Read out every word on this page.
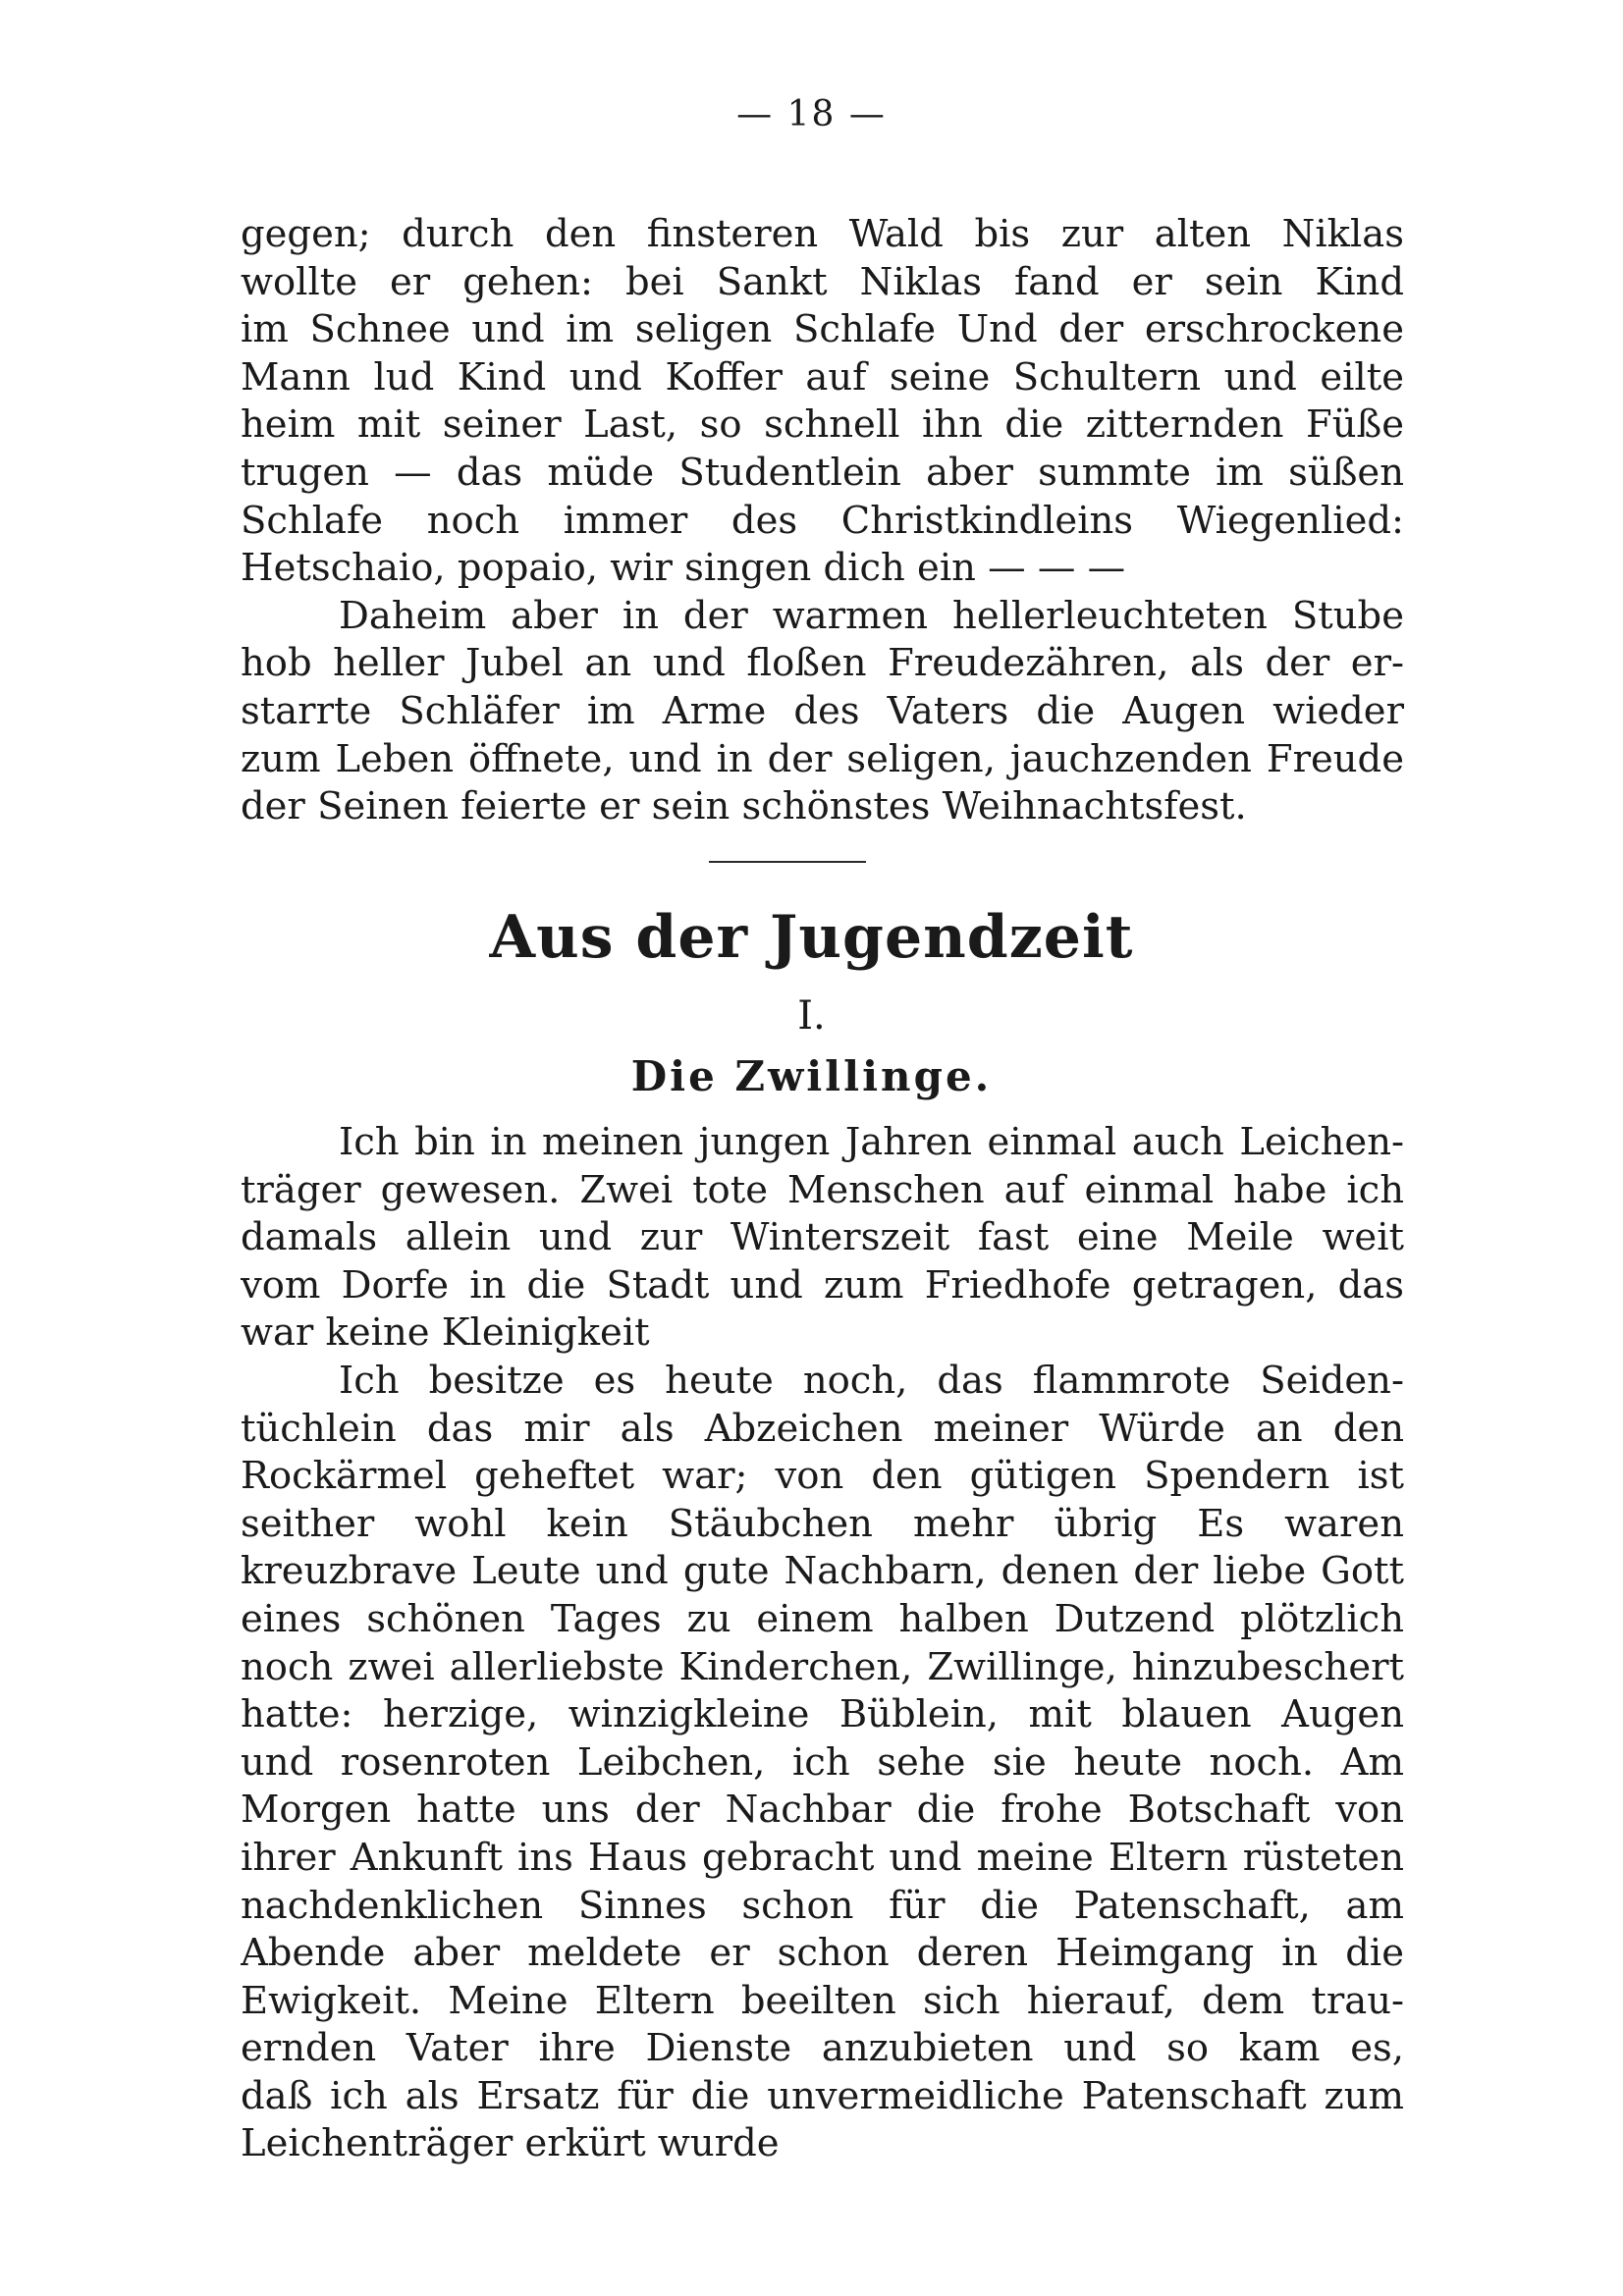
— 18 —
gegen; durch den finsteren Wald bis zur alten Niklas
wollte er gehen: bei Sankt Niklas fand er sein Kind
im Schnee und im seligen Schlafe Und der erschrockene
Mann lud Kind und Koffer auf seine Schultern und eilte
heim mit seiner Last, so schnell ihn die zitternden Füße
trugen — das müde Studentlein aber summte im süßen
Schlafe noch immer des Christkindleins Wiegenlied:
Hetschaio, popaio, wir singen dich ein — — —
Daheim aber in der warmen hellerleuchteten Stube
hob heller Jubel an und floßen Freudezähren, als der er-
starrte Schläfer im Arme des Vaters die Augen wieder
zum Leben öffnete, und in der seligen, jauchzenden Freude
der Seinen feierte er sein schönstes Weihnachtsfest.
Aus der Jugendzeit
I.
Die Zwillinge.
Ich bin in meinen jungen Jahren einmal auch Leichen-
träger gewesen. Zwei tote Menschen auf einmal habe ich
damals allein und zur Winterszeit fast eine Meile weit
vom Dorfe in die Stadt und zum Friedhofe getragen, das
war keine Kleinigkeit
Ich besitze es heute noch, das flammrote Seiden-
tüchlein das mir als Abzeichen meiner Würde an den
Rockärmel geheftet war; von den gütigen Spendern ist
seither wohl kein Stäubchen mehr übrig Es waren
kreuzbrave Leute und gute Nachbarn, denen der liebe Gott
eines schönen Tages zu einem halben Dutzend plötzlich
noch zwei allerliebste Kinderchen, Zwillinge, hinzubeschert
hatte: herzige, winzigkleine Büblein, mit blauen Augen
und rosenroten Leibchen, ich sehe sie heute noch. Am
Morgen hatte uns der Nachbar die frohe Botschaft von
ihrer Ankunft ins Haus gebracht und meine Eltern rüsteten
nachdenklichen Sinnes schon für die Patenschaft, am
Abende aber meldete er schon deren Heimgang in die
Ewigkeit. Meine Eltern beeilten sich hierauf, dem trau-
ernden Vater ihre Dienste anzubieten und so kam es,
daß ich als Ersatz für die unvermeidliche Patenschaft zum
Leichenträger erkürt wurde
